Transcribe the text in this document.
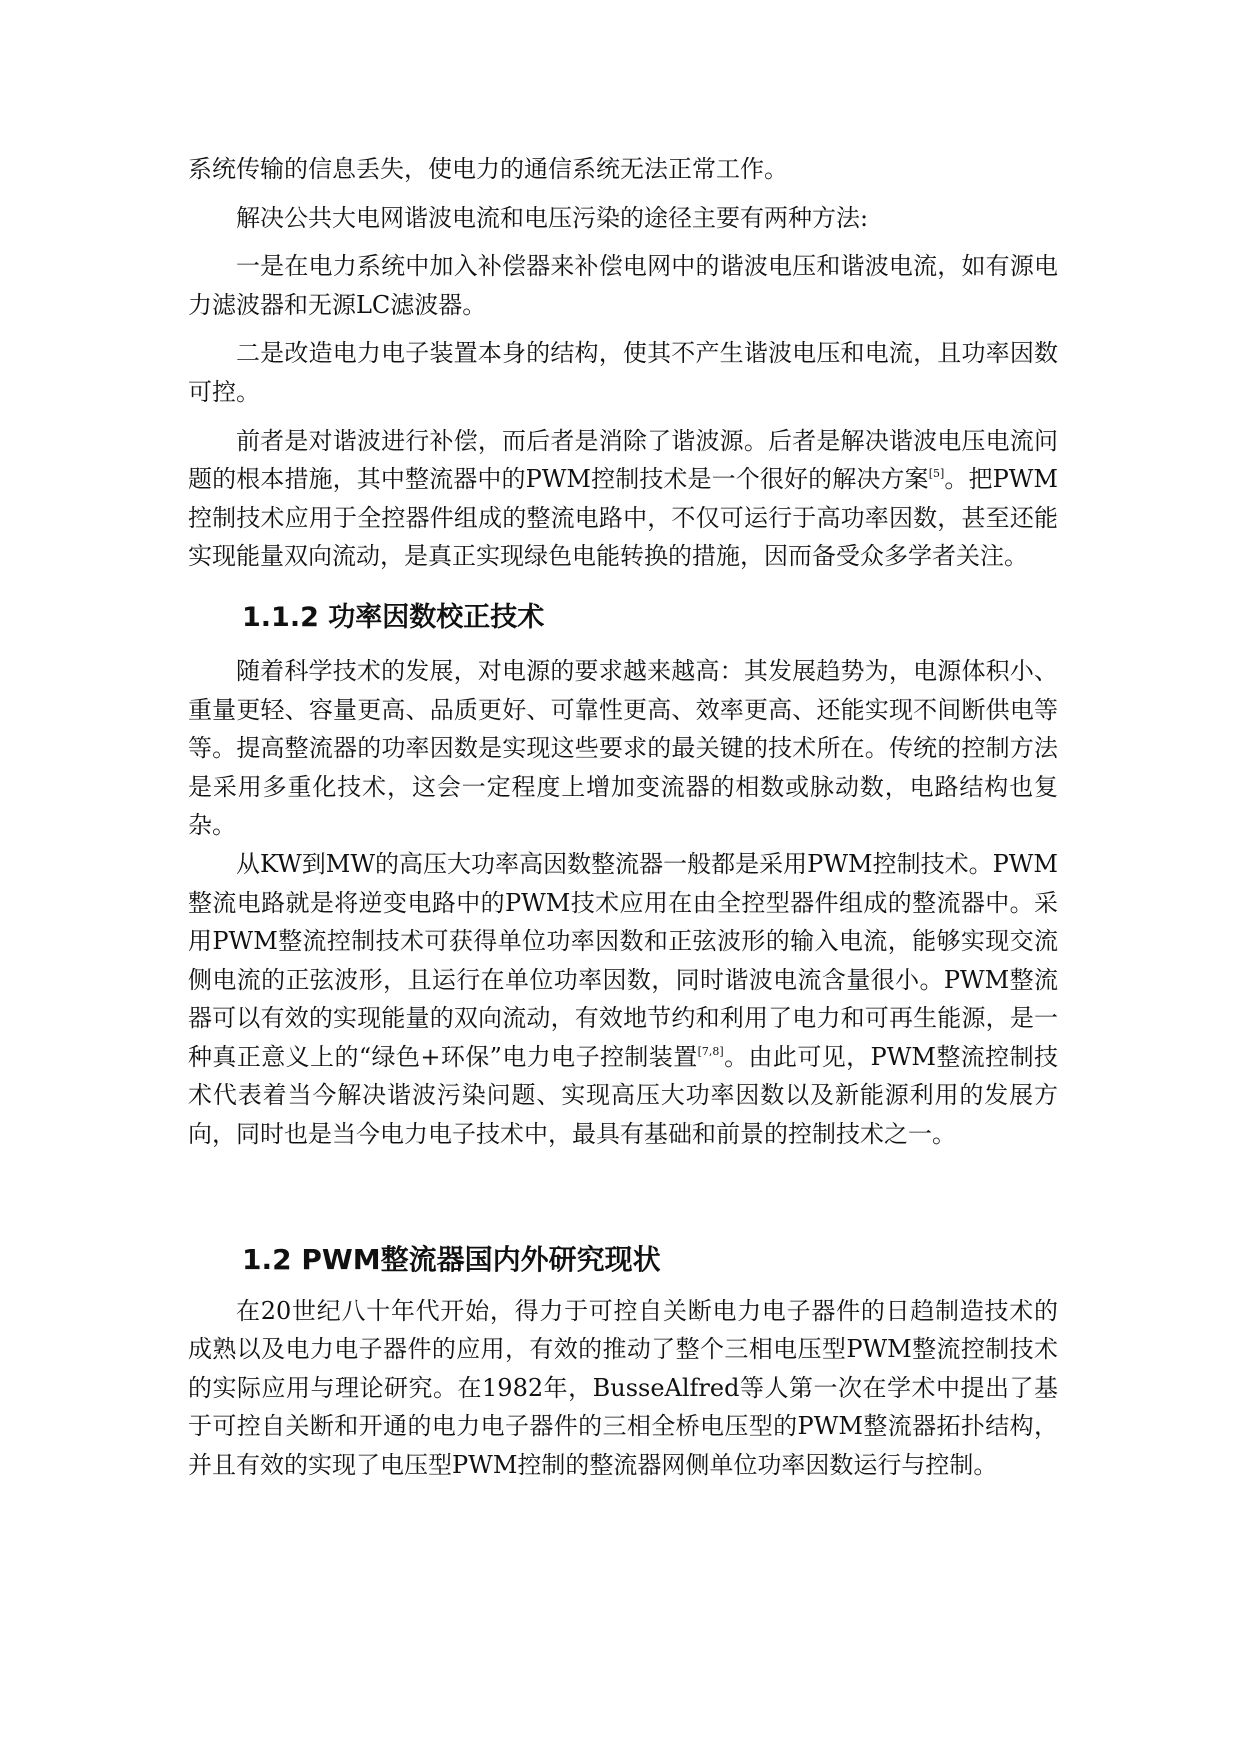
系统传输的信息丢失，使电力的通信系统无法正常工作。

解决公共大电网谐波电流和电压污染的途径主要有两种方法:

一是在电力系统中加入补偿器来补偿电网中的谐波电压和谐波电流，如有源电力滤波器和无源LC滤波器。

二是改造电力电子装置本身的结构，使其不产生谐波电压和电流，且功率因数可控。

前者是对谐波进行补偿，而后者是消除了谐波源。后者是解决谐波电压电流问题的根本措施，其中整流器中的PWM控制技术是一个很好的解决方案[5]。把PWM控制技术应用于全控器件组成的整流电路中，不仅可运行于高功率因数，甚至还能实现能量双向流动，是真正实现绿色电能转换的措施，因而备受众多学者关注。

1.1.2 功率因数校正技术

随着科学技术的发展，对电源的要求越来越高：其发展趋势为，电源体积小、重量更轻、容量更高、品质更好、可靠性更高、效率更高、还能实现不间断供电等等。提高整流器的功率因数是实现这些要求的最关键的技术所在。传统的控制方法是采用多重化技术，这会一定程度上增加变流器的相数或脉动数，电路结构也复杂。

从KW到MW的高压大功率高因数整流器一般都是采用PWM控制技术。PWM整流电路就是将逆变电路中的PWM技术应用在由全控型器件组成的整流器中。采用PWM整流控制技术可获得单位功率因数和正弦波形的输入电流，能够实现交流侧电流的正弦波形，且运行在单位功率因数，同时谐波电流含量很小。PWM整流器可以有效的实现能量的双向流动，有效地节约和利用了电力和可再生能源，是一种真正意义上的“绿色+环保”电力电子控制装置[7,8]。由此可见，PWM整流控制技术代表着当今解决谐波污染问题、实现高压大功率因数以及新能源利用的发展方向，同时也是当今电力电子技术中，最具有基础和前景的控制技术之一。

1.2 PWM整流器国内外研究现状

在20世纪八十年代开始，得力于可控自关断电力电子器件的日趋制造技术的成熟以及电力电子器件的应用，有效的推动了整个三相电压型PWM整流控制技术的实际应用与理论研究。在1982年，BusseAlfred等人第一次在学术中提出了基于可控自关断和开通的电力电子器件的三相全桥电压型的PWM整流器拓扑结构，并且有效的实现了电压型PWM控制的整流器网侧单位功率因数运行与控制。
